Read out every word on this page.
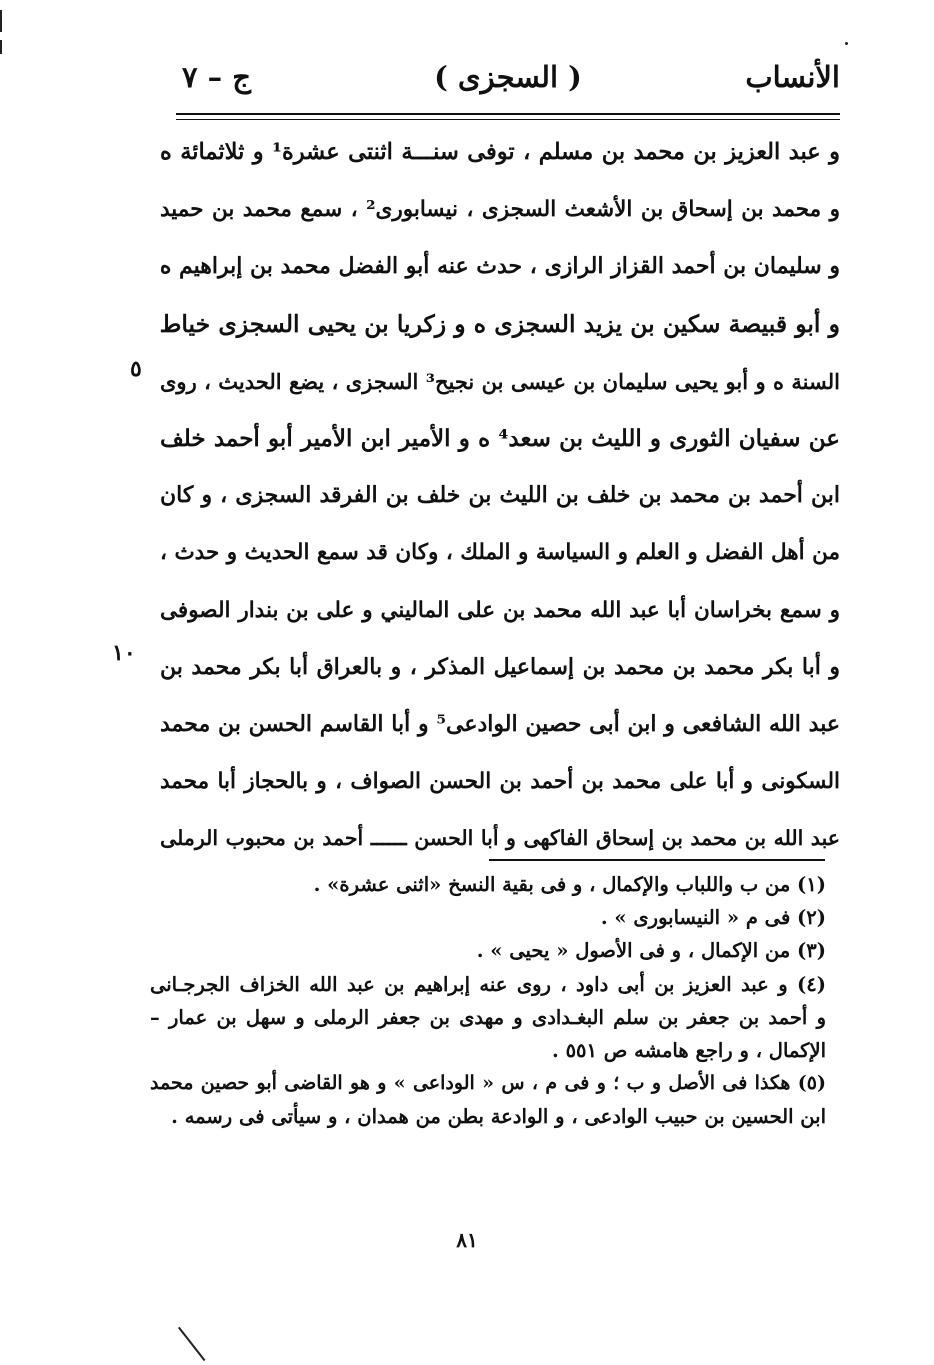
الأنساب
( السجزى )
ج – ٧
و عبد العزيز بن محمد بن مسلم ، توفى سنـــة اثنتى عشرة¹ و ثلاثمائة ه
و محمد بن إسحاق بن الأشعث السجزى ، نيسابورى² ، سمع محمد بن حميد
و سليمان بن أحمد القزاز الرازى ، حدث عنه أبو الفضل محمد بن إبراهيم ه
و أبو قبيصة سكين بن يزيد السجزى ه و زكريا بن يحيى السجزى خياط
السنة ه و أبو يحيى سليمان بن عيسى بن نجيح³ السجزى ، يضع الحديث ، روى
عن سفيان الثورى و الليث بن سعد⁴ ه و الأمير ابن الأمير أبو أحمد خلف
ابن أحمد بن محمد بن خلف بن الليث بن خلف بن الفرقد السجزى ، و كان
من أهل الفضل و العلم و السياسة و الملك ، وكان قد سمع الحديث و حدث ،
و سمع بخراسان أبا عبد الله محمد بن على الماليني و على بن بندار الصوفى
و أبا بكر محمد بن محمد بن إسماعيل المذكر ، و بالعراق أبا بكر محمد بن
عبد الله الشافعى و ابن أبى حصين الوادعى⁵ و أبا القاسم الحسن بن محمد
السكونى و أبا على محمد بن أحمد بن الحسن الصواف ، و بالحجاز أبا محمد
عبد الله بن محمد بن إسحاق الفاكهى و أبا الحسن ــــــ أحمد بن محبوب الرملى
٥
١٠
(١) من ب واللباب والإكمال ، و فى بقية النسخ «اثنى عشرة» .
(٢) فى م « النيسابورى » .
(٣) من الإكمال ، و فى الأصول « يحيى » .
(٤) و عبد العزيز بن أبى داود ، روى عنه إبراهيم بن عبد الله الخزاف الجرجـانى
و أحمد بن جعفر بن سلم البغـدادى و مهدى بن جعفر الرملى و سهل بن عمار –
الإكمال ، و راجع هامشه ص ٥٥١ .
(٥) هكذا فى الأصل و ب ؛ و فى م ، س « الوداعى » و هو القاضى أبو حصين محمد
ابن الحسين بن حبيب الوادعى ، و الوادعة بطن من همدان ، و سيأتى فى رسمه .
٨١
